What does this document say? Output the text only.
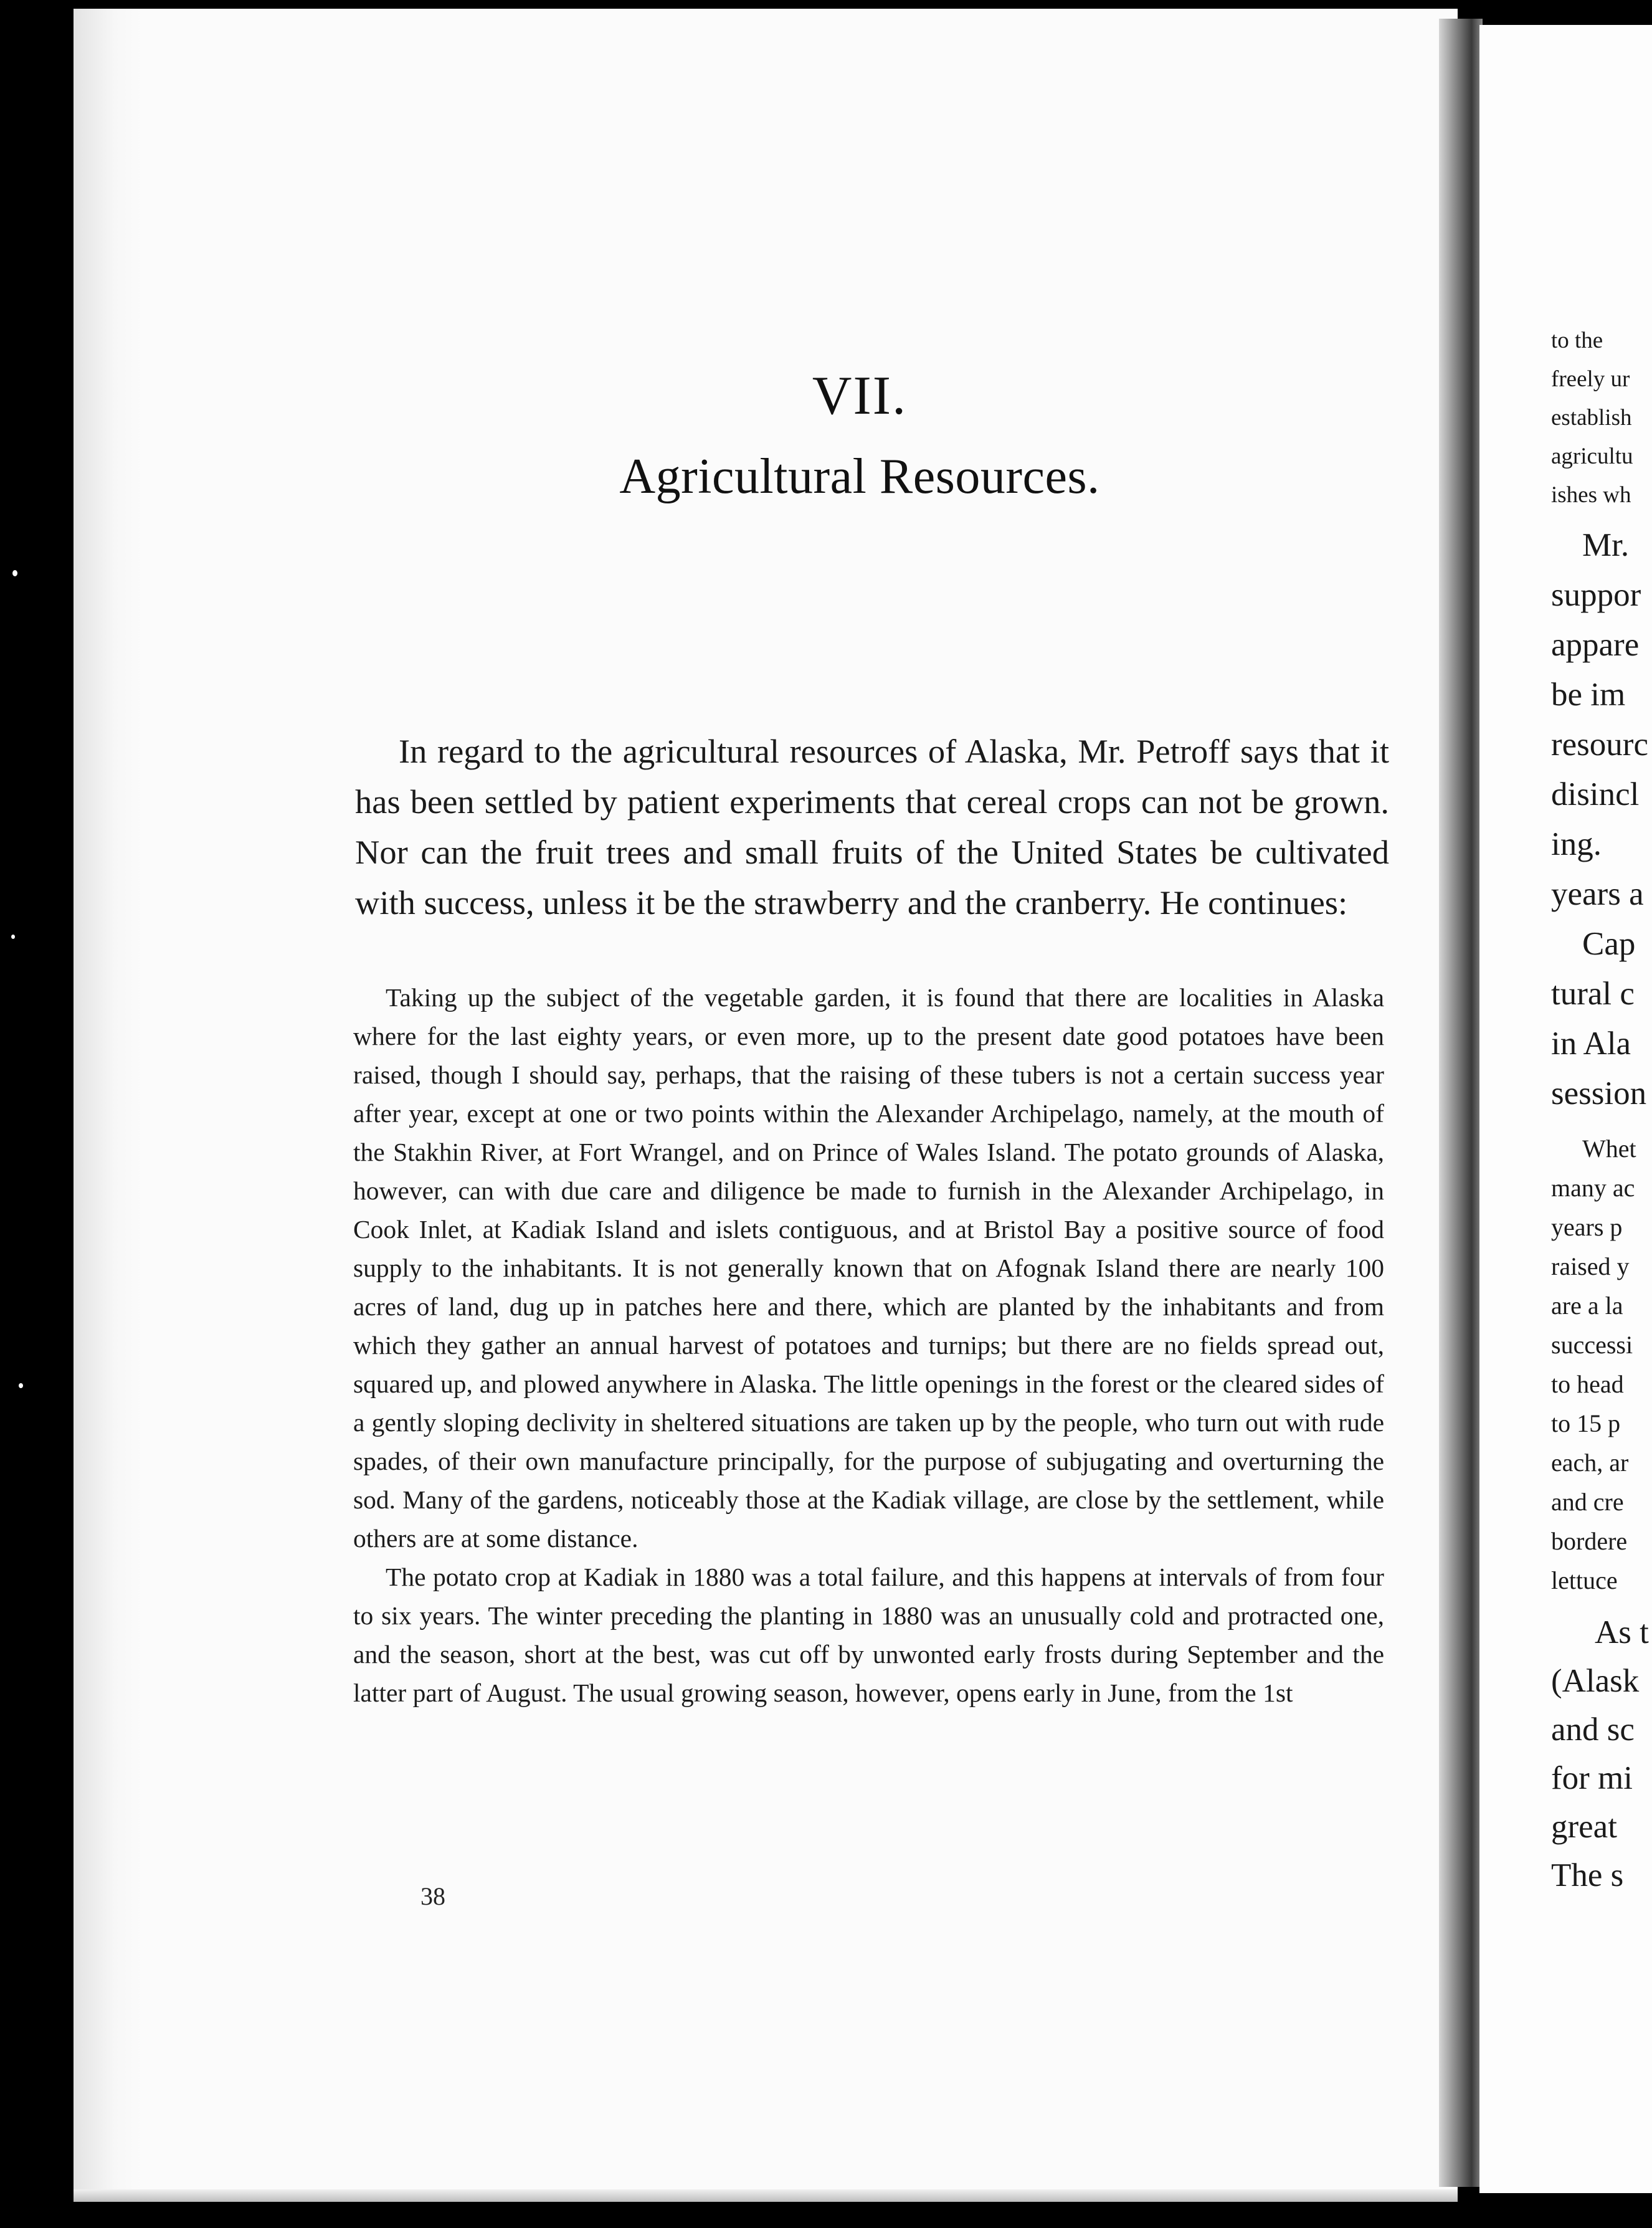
VII.
Agricultural Resources.
In regard to the agricultural resources of Alaska, Mr. Petroff says that it has been settled by patient experiments that cereal crops can not be grown. Nor can the fruit trees and small fruits of the United States be cultivated with success, unless it be the strawberry and the cranberry. He continues:

Taking up the subject of the vegetable garden, it is found that there are localities in Alaska where for the last eighty years, or even more, up to the present date good potatoes have been raised, though I should say, perhaps, that the raising of these tubers is not a certain success year after year, except at one or two points within the Alexander Archipelago, namely, at the mouth of the Stakhin River, at Fort Wrangel, and on Prince of Wales Island. The potato grounds of Alaska, however, can with due care and diligence be made to furnish in the Alexander Archipelago, in Cook Inlet, at Kadiak Island and islets contiguous, and at Bristol Bay a positive source of food supply to the inhabitants. It is not generally known that on Afognak Island there are nearly 100 acres of land, dug up in patches here and there, which are planted by the inhabitants and from which they gather an annual harvest of potatoes and turnips; but there are no fields spread out, squared up, and plowed anywhere in Alaska. The little openings in the forest or the cleared sides of a gently sloping declivity in sheltered situations are taken up by the people, who turn out with rude spades, of their own manufacture principally, for the purpose of subjugating and overturning the sod. Many of the gardens, noticeably those at the Kadiak village, are close by the settlement, while others are at some distance.

The potato crop at Kadiak in 1880 was a total failure, and this happens at intervals of from four to six years. The winter preceding the planting in 1880 was an unusually cold and protracted one, and the season, short at the best, was cut off by unwonted early frosts during September and the latter part of August. The usual growing season, however, opens early in June, from the 1st

38
to the
freely ur
establish
agricultu
ishes wh
Mr.
suppor
appare
be im
resourc
disincl
ing.
years a
Cap
tural c
in Ala
session
Whet
many ac
years p
raised y
are a la
successi
to head
to 15 p
each, ar
and cre
bordere
lettuce
As t
(Alask
and sc
for mi
great
The s
